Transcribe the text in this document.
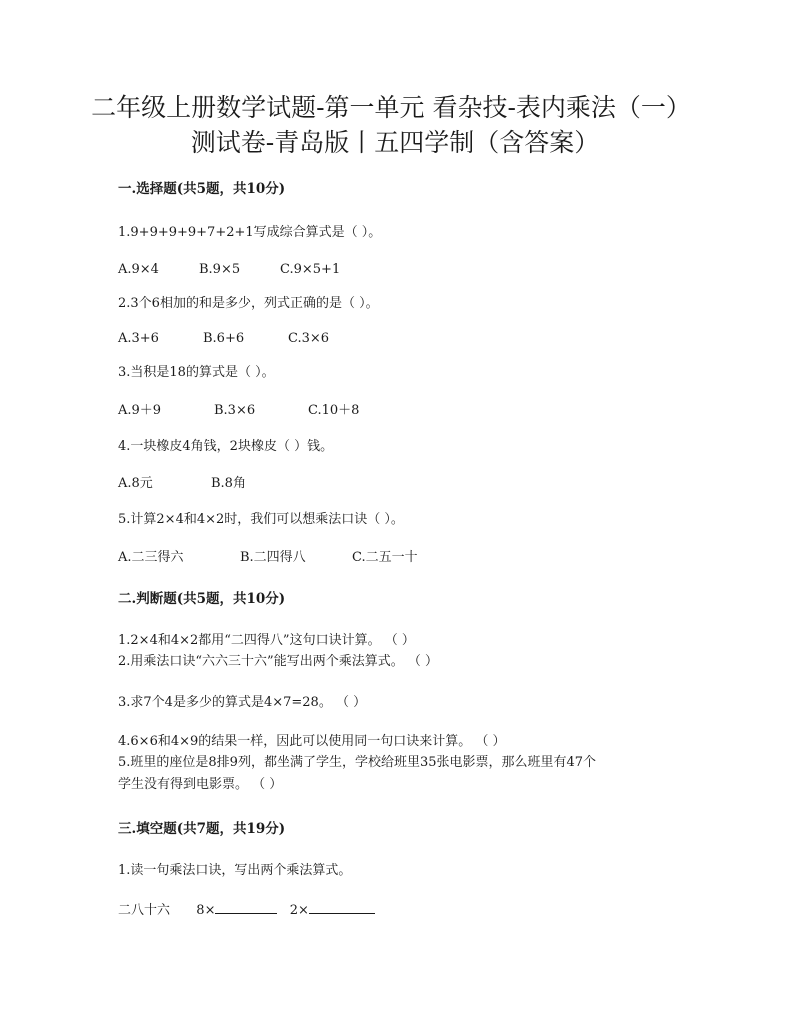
二年级上册数学试题-第一单元 看杂技-表内乘法（一）
测试卷-青岛版丨五四学制（含答案）
一.选择题(共5题，共10分)
1.9+9+9+9+7+2+1写成综合算式是（ ）。
A.9×4	B.9×5	C.9×5+1
2.3个6相加的和是多少，列式正确的是（ ）。
A.3+6	B.6+6	C.3×6
3.当积是18的算式是（ ）。
A.9＋9	B.3×6	C.10＋8
4.一块橡皮4角钱，2块橡皮（ ）钱。
A.8元	B.8角
5.计算2×4和4×2时，我们可以想乘法口诀（ ）。
A.二三得六	B.二四得八	C.二五一十
二.判断题(共5题，共10分)
1.2×4和4×2都用“二四得八”这句口诀计算。 （ ）
2.用乘法口诀“六六三十六”能写出两个乘法算式。 （ ）
3.求7个4是多少的算式是4×7=28。 （ ）
4.6×6和4×9的结果一样，因此可以使用同一句口诀来计算。 （ ）
5.班里的座位是8排9列，都坐满了学生，学校给班里35张电影票，那么班里有47个
学生没有得到电影票。 （ ）
三.填空题(共7题，共19分)
1.读一句乘法口诀，写出两个乘法算式。
二八十六 8×	2×
